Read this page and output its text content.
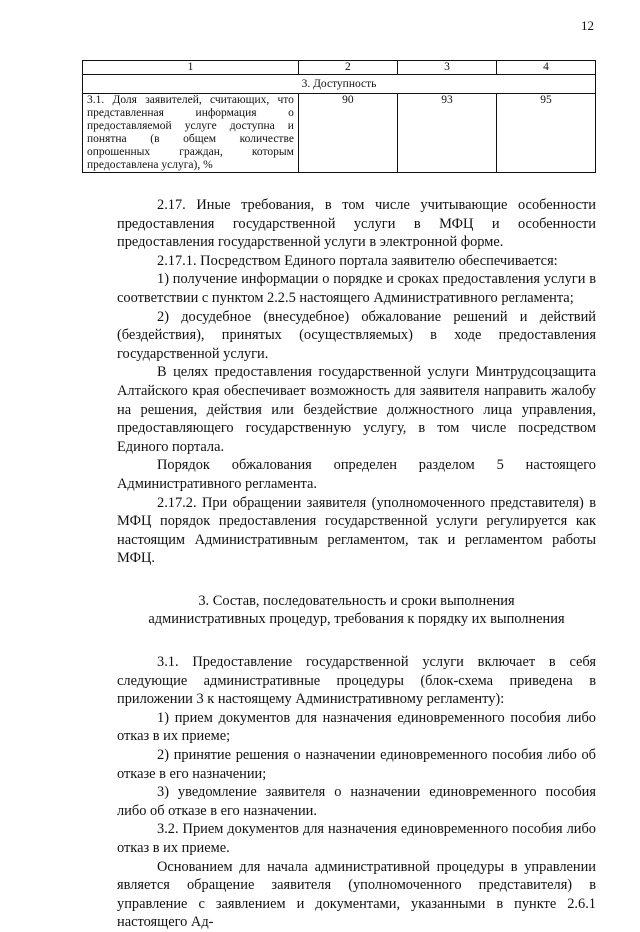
12
1	2	3	4
3. Доступность			
3.1. Доля заявителей, считающих, что представленная информация о предоставляемой услуге доступна и понятна (в общем количестве опрошенных граждан, которым предоставлена услуга), %	90	93	95

2.17. Иные требования, в том числе учитывающие особенности предоставления государственной услуги в МФЦ и особенности предоставления государственной услуги в электронной форме.

2.17.1. Посредством Единого портала заявителю обеспечивается:

1) получение информации о порядке и сроках предоставления услуги в соответствии с пунктом 2.2.5 настоящего Административного регламента;

2) досудебное (внесудебное) обжалование решений и действий (бездействия), принятых (осуществляемых) в ходе предоставления государственной услуги.

В целях предоставления государственной услуги Минтрудсоцзащита Алтайского края обеспечивает возможность для заявителя направить жалобу на решения, действия или бездействие должностного лица управления, предоставляющего государственную услугу, в том числе посредством Единого портала.

Порядок обжалования определен разделом 5 настоящего Административного регламента.

2.17.2. При обращении заявителя (уполномоченного представителя) в МФЦ порядок предоставления государственной услуги регулируется как настоящим Административным регламентом, так и регламентом работы МФЦ.

3. Состав, последовательность и сроки выполнения административных процедур, требования к порядку их выполнения

3.1. Предоставление государственной услуги включает в себя следующие административные процедуры (блок-схема приведена в приложении 3 к настоящему Административному регламенту):

1) прием документов для назначения единовременного пособия либо отказ в их приеме;

2) принятие решения о назначении единовременного пособия либо об отказе в его назначении;

3) уведомление заявителя о назначении единовременного пособия либо об отказе в его назначении.

3.2. Прием документов для назначения единовременного пособия либо отказ в их приеме.

Основанием для начала административной процедуры в управлении является обращение заявителя (уполномоченного представителя) в управление с заявлением и документами, указанными в пункте 2.6.1 настоящего Ад-
